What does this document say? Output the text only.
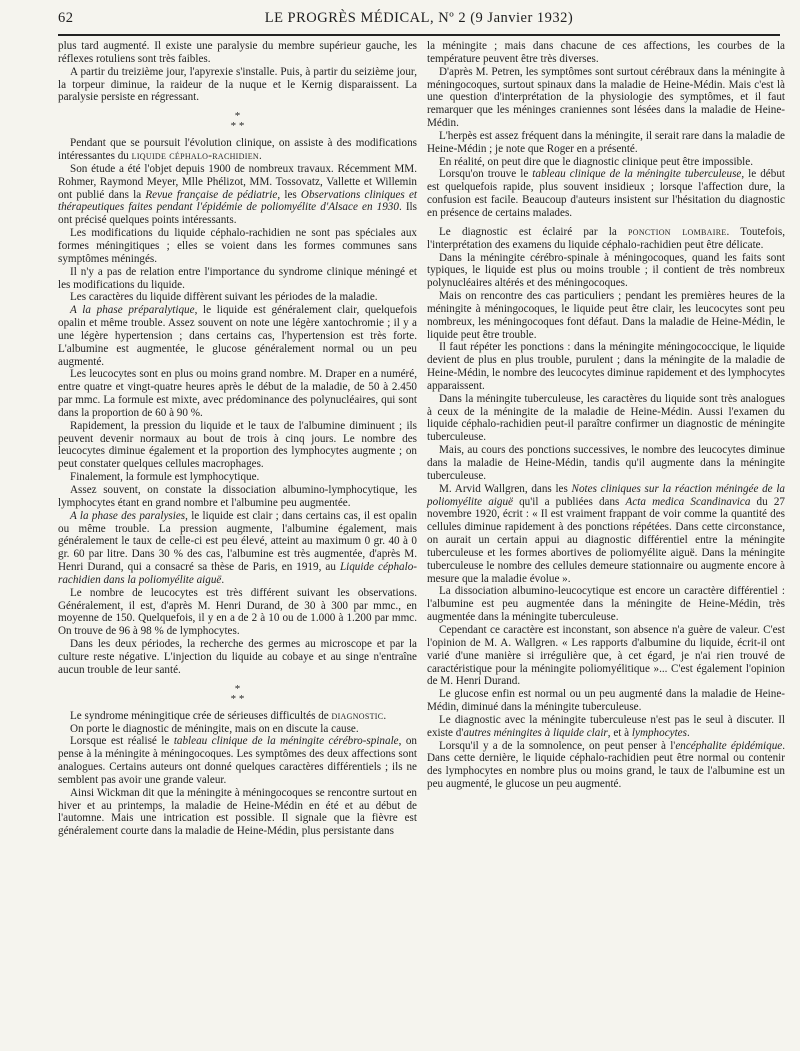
62	LE PROGRÈS MÉDICAL, Nº 2 (9 Janvier 1932)

plus tard augmenté. Il existe une paralysie du membre supérieur gauche, les réflexes rotuliens sont très faibles.

A partir du treizième jour, l'apyrexie s'installe. Puis, à partir du seizième jour, la torpeur diminue, la raideur de la nuque et le Kernig disparaissent. La paralysie persiste en régressant.

*
* *

Pendant que se poursuit l'évolution clinique, on assiste à des modifications intéressantes du liquide céphalo-rachidien.

Son étude a été l'objet depuis 1900 de nombreux travaux. Récemment MM. Rohmer, Raymond Meyer, Mlle Phélizot, MM. Tossovatz, Vallette et Willemin ont publié dans la Revue française de pédiatrie, les Observations cliniques et thérapeutiques faites pendant l'épidémie de poliomyélite d'Alsace en 1930. Ils ont précisé quelques points intéressants.

Les modifications du liquide céphalo-rachidien ne sont pas spéciales aux formes méningitiques ; elles se voient dans les formes communes sans symptômes méningés.

Il n'y a pas de relation entre l'importance du syndrome clinique méningé et les modifications du liquide.

Les caractères du liquide diffèrent suivant les périodes de la maladie.

A la phase préparalytique, le liquide est généralement clair, quelquefois opalin et même trouble. Assez souvent on note une légère xantochromie ; il y a une légère hypertension ; dans certains cas, l'hypertension est très forte. L'albumine est augmentée, le glucose généralement normal ou un peu augmenté.

Les leucocytes sont en plus ou moins grand nombre. M. Draper en a numéré, entre quatre et vingt-quatre heures après le début de la maladie, de 50 à 2.450 par mmc. La formule est mixte, avec prédominance des polynucléaires, qui sont dans la proportion de 60 à 90 %.

Rapidement, la pression du liquide et le taux de l'albumine diminuent ; ils peuvent devenir normaux au bout de trois à cinq jours. Le nombre des leucocytes diminue également et la proportion des lymphocytes augmente ; on peut constater quelques cellules macrophages.

Finalement, la formule est lymphocytique.

Assez souvent, on constate la dissociation albumino-lymphocytique, les lymphocytes étant en grand nombre et l'albumine peu augmentée.

A la phase des paralysies, le liquide est clair ; dans certains cas, il est opalin ou même trouble. La pression augmente, l'albumine également, mais généralement le taux de celle-ci est peu élevé, atteint au maximum 0 gr. 40 à 0 gr. 60 par litre. Dans 30 % des cas, l'albumine est très augmentée, d'après M. Henri Durand, qui a consacré sa thèse de Paris, en 1919, au Liquide céphalo-rachidien dans la poliomyélite aiguë.

Le nombre de leucocytes est très différent suivant les observations. Généralement, il est, d'après M. Henri Durand, de 30 à 300 par mmc., en moyenne de 150. Quelquefois, il y en a de 2 à 10 ou de 1.000 à 1.200 par mmc. On trouve de 96 à 98 % de lymphocytes.

Dans les deux périodes, la recherche des germes au microscope et par la culture reste négative. L'injection du liquide au cobaye et au singe n'entraîne aucun trouble de leur santé.

*
* *

Le syndrome méningitique crée de sérieuses difficultés de diagnostic.

On porte le diagnostic de méningite, mais on en discute la cause.

Lorsque est réalisé le tableau clinique de la méningite cérébro-spinale, on pense à la méningite à méningocoques. Les symptômes des deux affections sont analogues. Certains auteurs ont donné quelques caractères différentiels ; ils ne semblent pas avoir une grande valeur.

Ainsi Wickman dit que la méningite à méningocoques se rencontre surtout en hiver et au printemps, la maladie de Heine-Médin en été et au début de l'automne. Mais une intrication est possible. Il signale que la fièvre est généralement courte dans la maladie de Heine-Médin, plus persistante dans

la méningite ; mais dans chacune de ces affections, les courbes de la température peuvent être très diverses.

D'après M. Petren, les symptômes sont surtout cérébraux dans la méningite à méningocoques, surtout spinaux dans la maladie de Heine-Médin. Mais c'est là une question d'interprétation de la physiologie des symptômes, et il faut remarquer que les méninges craniennes sont lésées dans la maladie de Heine-Médin.

L'herpès est assez fréquent dans la méningite, il serait rare dans la maladie de Heine-Médin ; je note que Roger en a présenté.

En réalité, on peut dire que le diagnostic clinique peut être impossible.

Lorsqu'on trouve le tableau clinique de la méningite tuberculeuse, le début est quelquefois rapide, plus souvent insidieux ; lorsque l'affection dure, la confusion est facile. Beaucoup d'auteurs insistent sur l'hésitation du diagnostic en présence de certains malades.

Le diagnostic est éclairé par la ponction lombaire. Toutefois, l'interprétation des examens du liquide céphalo-rachidien peut être délicate.

Dans la méningite cérébro-spinale à méningocoques, quand les faits sont typiques, le liquide est plus ou moins trouble ; il contient de très nombreux polynucléaires altérés et des méningocoques.

Mais on rencontre des cas particuliers ; pendant les premières heures de la méningite à méningocoques, le liquide peut être clair, les leucocytes sont peu nombreux, les méningocoques font défaut. Dans la maladie de Heine-Médin, le liquide peut être trouble.

Il faut répéter les ponctions : dans la méningite méningococcique, le liquide devient de plus en plus trouble, purulent ; dans la méningite de la maladie de Heine-Médin, le nombre des leucocytes diminue rapidement et des lymphocytes apparaissent.

Dans la méningite tuberculeuse, les caractères du liquide sont très analogues à ceux de la méningite de la maladie de Heine-Médin. Aussi l'examen du liquide céphalo-rachidien peut-il paraître confirmer un diagnostic de méningite tuberculeuse.

Mais, au cours des ponctions successives, le nombre des leucocytes diminue dans la maladie de Heine-Médin, tandis qu'il augmente dans la méningite tuberculeuse.

M. Arvid Wallgren, dans les Notes cliniques sur la réaction méningée de la poliomyélite aiguë qu'il a publiées dans Acta medica Scandinavica du 27 novembre 1920, écrit : « Il est vraiment frappant de voir comme la quantité des cellules diminue rapidement à des ponctions répétées. Dans cette circonstance, on aurait un certain appui au diagnostic différentiel entre la méningite tuberculeuse et les formes abortives de poliomyélite aiguë. Dans la méningite tuberculeuse le nombre des cellules demeure stationnaire ou augmente encore à mesure que la maladie évolue ».

La dissociation albumino-leucocytique est encore un caractère différentiel : l'albumine est peu augmentée dans la méningite de Heine-Médin, très augmentée dans la méningite tuberculeuse.

Cependant ce caractère est inconstant, son absence n'a guère de valeur. C'est l'opinion de M. A. Wallgren. « Les rapports d'albumine du liquide, écrit-il ont varié d'une manière si irrégulière que, à cet égard, je n'ai rien trouvé de caractéristique pour la méningite poliomyélitique »... C'est également l'opinion de M. Henri Durand.

Le glucose enfin est normal ou un peu augmenté dans la maladie de Heine-Médin, diminué dans la méningite tuberculeuse.

Le diagnostic avec la méningite tuberculeuse n'est pas le seul à discuter. Il existe d'autres méningites à liquide clair, et à lymphocytes.

Lorsqu'il y a de la somnolence, on peut penser à l'encéphalite épidémique. Dans cette dernière, le liquide céphalo-rachidien peut être normal ou contenir des lymphocytes en nombre plus ou moins grand, le taux de l'albumine est un peu augmenté, le glucose un peu augmenté.
